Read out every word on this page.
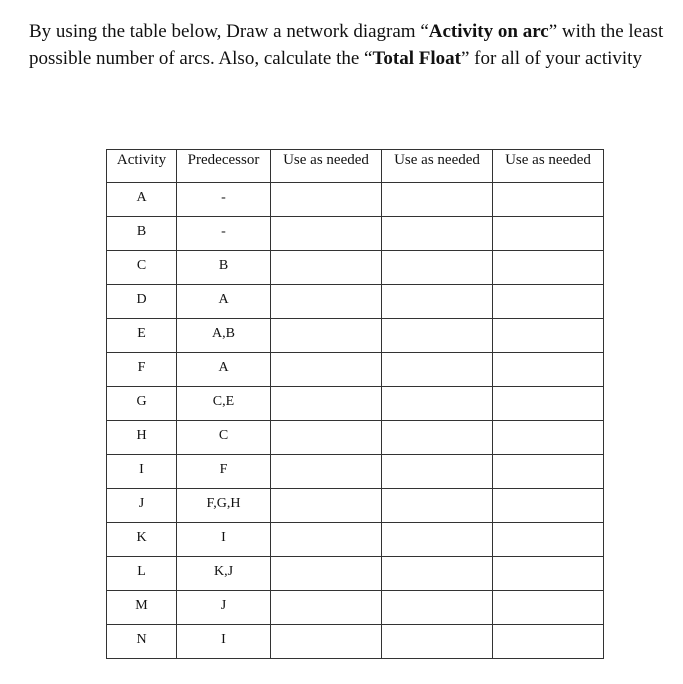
By using the table below, Draw a network diagram “Activity on arc” with the least possible number of arcs. Also, calculate the “Total Float” for all of your activity

Activity	Predecessor	Use as needed	Use as needed	Use as needed
A	-			
B	-			
C	B			
D	A			
E	A,B			
F	A			
G	C,E			
H	C			
I	F			
J	F,G,H			
K	I			
L	K,J			
M	J			
N	I			
